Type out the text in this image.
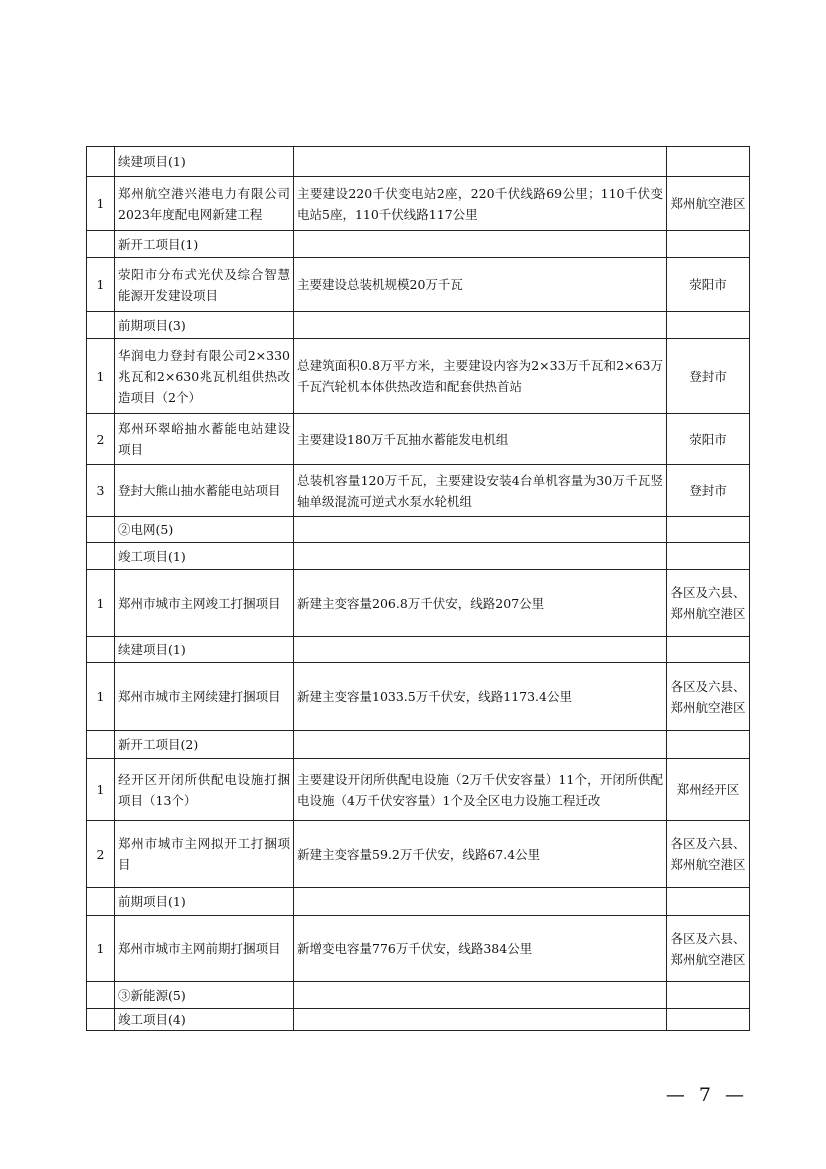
	续建项目(1)		
1	郑州航空港兴港电力有限公司2023年度配电网新建工程	主要建设220千伏变电站2座，220千伏线路69公里；110千伏变电站5座，110千伏线路117公里	郑州航空港区
	新开工项目(1)		
1	荥阳市分布式光伏及综合智慧能源开发建设项目	主要建设总装机规模20万千瓦	荥阳市
	前期项目(3)		
1	华润电力登封有限公司2×330兆瓦和2×630兆瓦机组供热改造项目（2个）	总建筑面积0.8万平方米，主要建设内容为2×33万千瓦和2×63万千瓦汽轮机本体供热改造和配套供热首站	登封市
2	郑州环翠峪抽水蓄能电站建设项目	主要建设180万千瓦抽水蓄能发电机组	荥阳市
3	登封大熊山抽水蓄能电站项目	总装机容量120万千瓦，主要建设安装4台单机容量为30万千瓦竖轴单级混流可逆式水泵水轮机组	登封市
	②电网(5)		
	竣工项目(1)		
1	郑州市城市主网竣工打捆项目	新建主变容量206.8万千伏安，线路207公里	各区及六县、郑州航空港区
	续建项目(1)		
1	郑州市城市主网续建打捆项目	新建主变容量1033.5万千伏安，线路1173.4公里	各区及六县、郑州航空港区
	新开工项目(2)		
1	经开区开闭所供配电设施打捆项目（13个）	主要建设开闭所供配电设施（2万千伏安容量）11个，开闭所供配电设施（4万千伏安容量）1个及全区电力设施工程迁改	郑州经开区
2	郑州市城市主网拟开工打捆项目	新建主变容量59.2万千伏安，线路67.4公里	各区及六县、郑州航空港区
	前期项目(1)		
1	郑州市城市主网前期打捆项目	新增变电容量776万千伏安，线路384公里	各区及六县、郑州航空港区
	③新能源(5)		
	竣工项目(4)		
— 7 —
